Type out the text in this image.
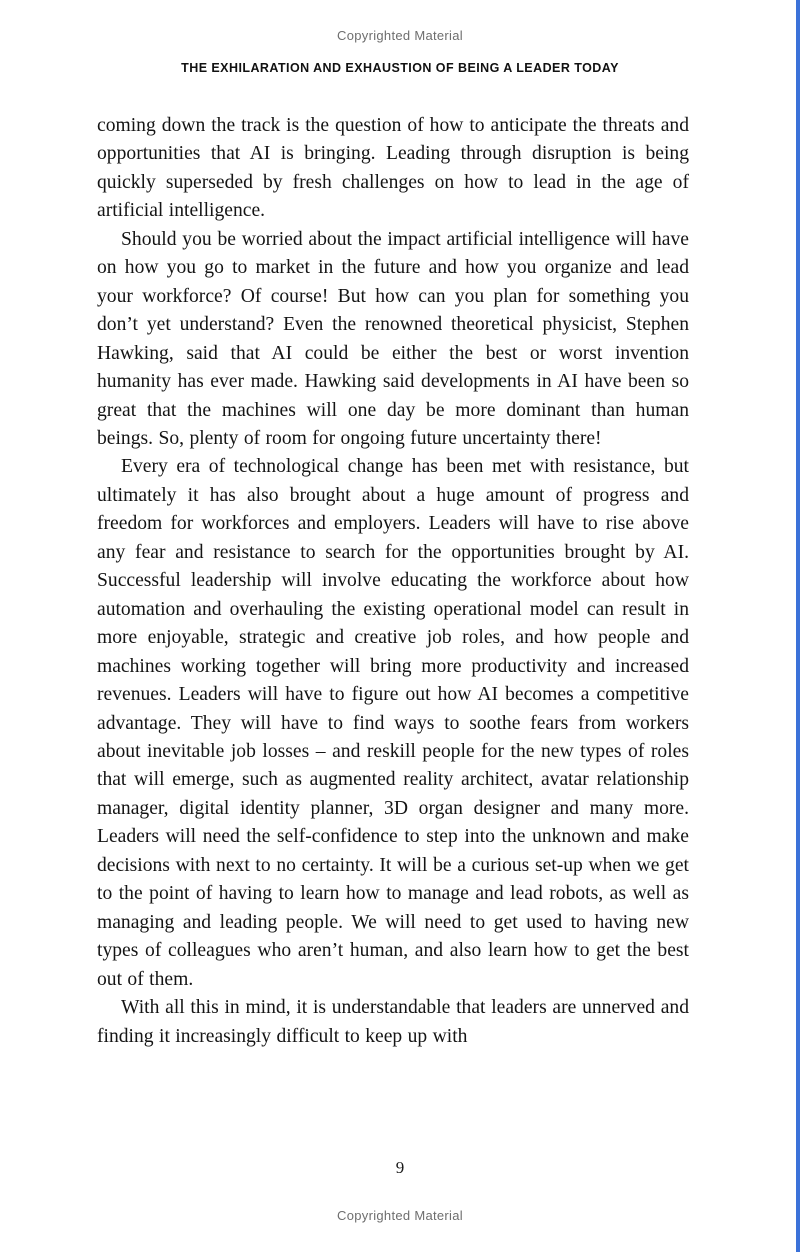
Copyrighted Material
THE EXHILARATION AND EXHAUSTION OF BEING A LEADER TODAY

coming down the track is the question of how to anticipate the threats and opportunities that AI is bringing. Leading through disruption is being quickly superseded by fresh challenges on how to lead in the age of artificial intelligence.

Should you be worried about the impact artificial intelligence will have on how you go to market in the future and how you organize and lead your workforce? Of course! But how can you plan for something you don’t yet understand? Even the renowned theoretical physicist, Stephen Hawking, said that AI could be either the best or worst invention humanity has ever made. Hawking said developments in AI have been so great that the machines will one day be more dominant than human beings. So, plenty of room for ongoing future uncertainty there!

Every era of technological change has been met with resistance, but ultimately it has also brought about a huge amount of progress and freedom for workforces and employers. Leaders will have to rise above any fear and resistance to search for the opportunities brought by AI. Successful leadership will involve educating the workforce about how automation and overhauling the existing operational model can result in more enjoyable, strategic and creative job roles, and how people and machines working together will bring more productivity and increased revenues. Leaders will have to figure out how AI becomes a competitive advantage. They will have to find ways to soothe fears from workers about inevitable job losses – and reskill people for the new types of roles that will emerge, such as augmented reality architect, avatar relationship manager, digital identity planner, 3D organ designer and many more. Leaders will need the self-confidence to step into the unknown and make decisions with next to no certainty. It will be a curious set-up when we get to the point of having to learn how to manage and lead robots, as well as managing and leading people. We will need to get used to having new types of colleagues who aren’t human, and also learn how to get the best out of them.

With all this in mind, it is understandable that leaders are unnerved and finding it increasingly difficult to keep up with

9
Copyrighted Material
